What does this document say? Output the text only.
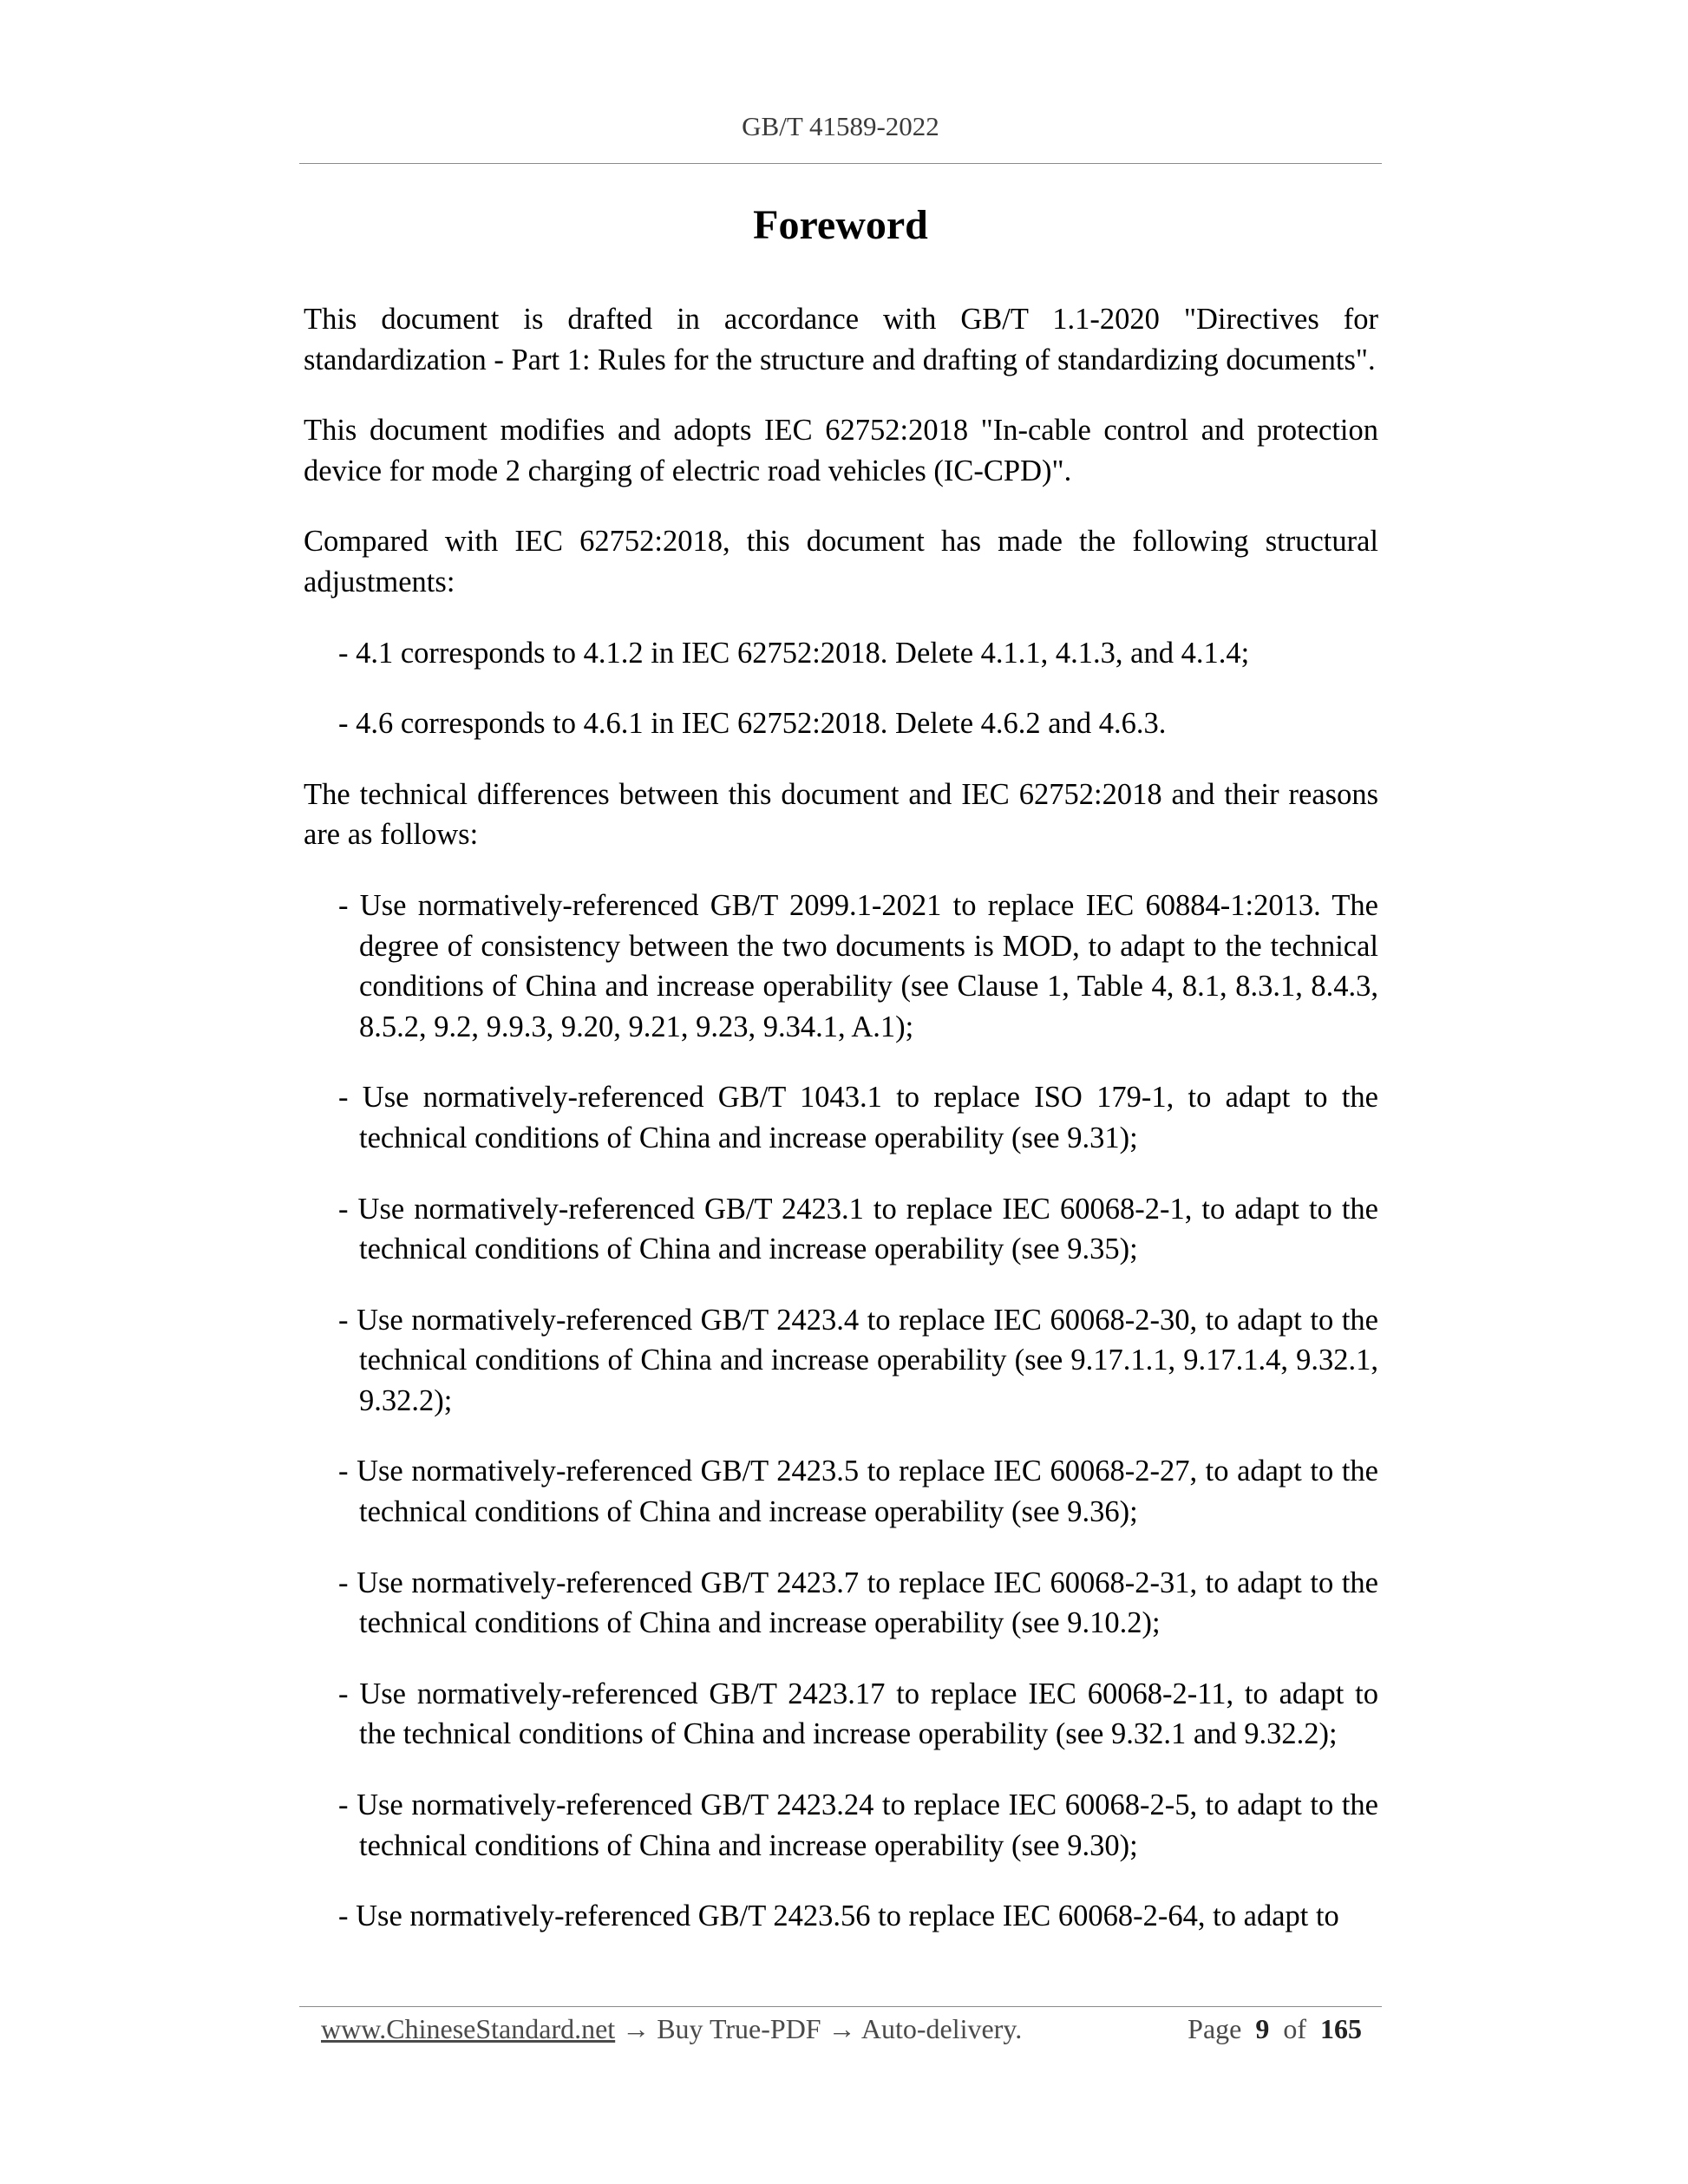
GB/T 41589-2022
Foreword

This document is drafted in accordance with GB/T 1.1-2020 "Directives for standardization - Part 1: Rules for the structure and drafting of standardizing documents".

This document modifies and adopts IEC 62752:2018 "In-cable control and protection device for mode 2 charging of electric road vehicles (IC-CPD)".

Compared with IEC 62752:2018, this document has made the following structural adjustments:

- 4.1 corresponds to 4.1.2 in IEC 62752:2018. Delete 4.1.1, 4.1.3, and 4.1.4;

- 4.6 corresponds to 4.6.1 in IEC 62752:2018. Delete 4.6.2 and 4.6.3.

The technical differences between this document and IEC 62752:2018 and their reasons are as follows:

- Use normatively-referenced GB/T 2099.1-2021 to replace IEC 60884-1:2013. The degree of consistency between the two documents is MOD, to adapt to the technical conditions of China and increase operability (see Clause 1, Table 4, 8.1, 8.3.1, 8.4.3, 8.5.2, 9.2, 9.9.3, 9.20, 9.21, 9.23, 9.34.1, A.1);

- Use normatively-referenced GB/T 1043.1 to replace ISO 179-1, to adapt to the technical conditions of China and increase operability (see 9.31);

- Use normatively-referenced GB/T 2423.1 to replace IEC 60068-2-1, to adapt to the technical conditions of China and increase operability (see 9.35);

- Use normatively-referenced GB/T 2423.4 to replace IEC 60068-2-30, to adapt to the technical conditions of China and increase operability (see 9.17.1.1, 9.17.1.4, 9.32.1, 9.32.2);

- Use normatively-referenced GB/T 2423.5 to replace IEC 60068-2-27, to adapt to the technical conditions of China and increase operability (see 9.36);

- Use normatively-referenced GB/T 2423.7 to replace IEC 60068-2-31, to adapt to the technical conditions of China and increase operability (see 9.10.2);

- Use normatively-referenced GB/T 2423.17 to replace IEC 60068-2-11, to adapt to the technical conditions of China and increase operability (see 9.32.1 and 9.32.2);

- Use normatively-referenced GB/T 2423.24 to replace IEC 60068-2-5, to adapt to the technical conditions of China and increase operability (see 9.30);

- Use normatively-referenced GB/T 2423.56 to replace IEC 60068-2-64, to adapt to

www.ChineseStandard.net → Buy True-PDF → Auto-delivery.	Page 9 of 165
